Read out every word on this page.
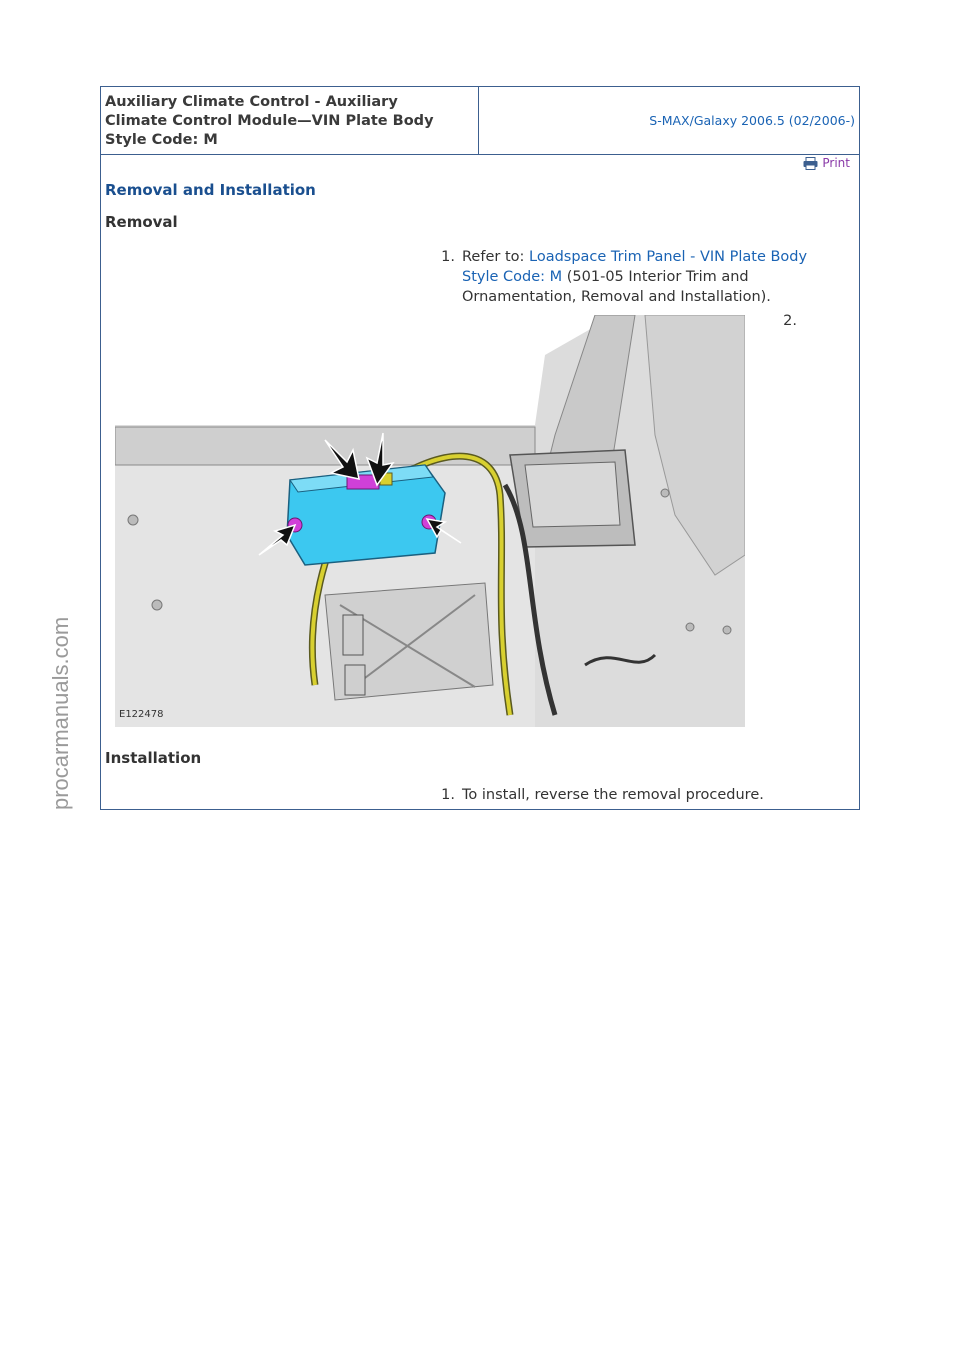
procarmanuals.com
Auxiliary Climate Control - Auxiliary
Climate Control Module—VIN Plate Body
Style Code: M
S-MAX/Galaxy 2006.5 (02/2006-)
Print
Removal and Installation
Removal
1. Refer to: Loadspace Trim Panel - VIN Plate Body
Style Code: M (501-05 Interior Trim and
Ornamentation, Removal and Installation).
2.
E122478
Installation
1. To install, reverse the removal procedure.
